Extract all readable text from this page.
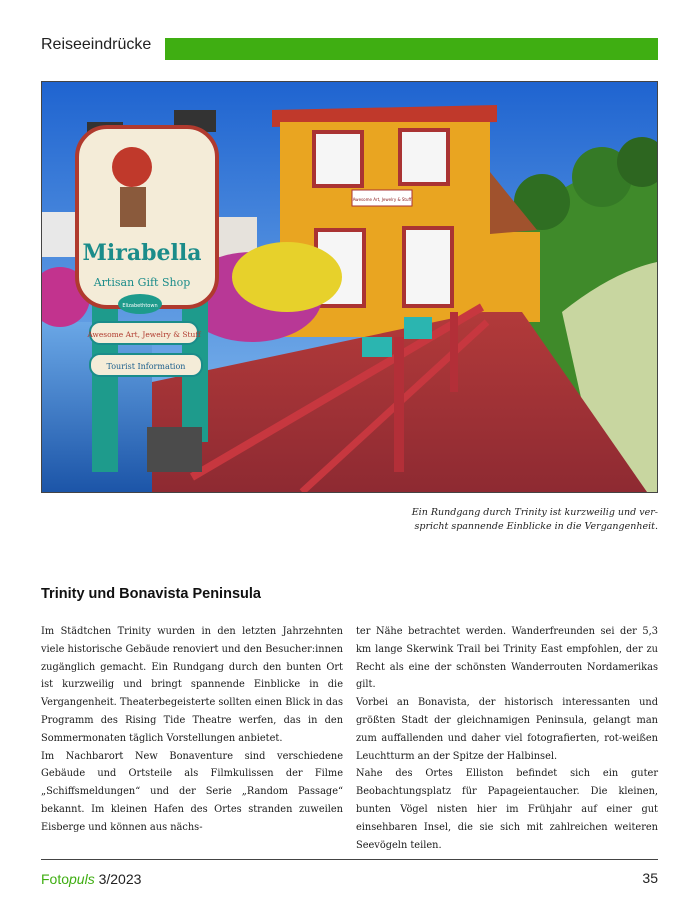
Reiseeindrücke
Awesome Art, Jewelry & Stuff
Mirabella
Artisan Gift Shop
Elizabethtown
Awesome Art, Jewelry & Stuff
Tourist Information
Ein Rundgang durch Trinity ist kurzweilig und ver-
spricht spannende Einblicke in die Vergangenheit.
Trinity und Bonavista Peninsula

Im Städtchen Trinity wurden in den letzten Jahrzehnten viele historische Gebäude renoviert und den Besucher:innen zugänglich gemacht. Ein Rundgang durch den bunten Ort ist kurzweilig und bringt spannende Einblicke in die Vergangenheit. Theaterbegeisterte sollten einen Blick in das Programm des Rising Tide Theatre werfen, das in den Sommermonaten täglich Vorstellungen anbietet.

Im Nachbarort New Bonaventure sind verschiedene Gebäude und Ortsteile als Filmkulissen der Filme „Schiffsmeldungen“ und der Serie „Random Passage“ bekannt. Im kleinen Hafen des Ortes stranden zuweilen Eisberge und können aus nächs-

ter Nähe betrachtet werden. Wanderfreunden sei der 5,3 km lange Skerwink Trail bei Trinity East empfohlen, der zu Recht als eine der schönsten Wanderrouten Nordamerikas gilt.

Vorbei an Bonavista, der historisch interessanten und größten Stadt der gleichnamigen Peninsula, gelangt man zum auffallenden und daher viel fotografierten, rot-weißen Leuchtturm an der Spitze der Halbinsel.

Nahe des Ortes Elliston befindet sich ein guter Beobachtungsplatz für Papageientaucher. Die kleinen, bunten Vögel nisten hier im Frühjahr auf einer gut einsehbaren Insel, die sie sich mit zahlreichen weiteren Seevögeln teilen.

Fotopuls 3/2023	35
